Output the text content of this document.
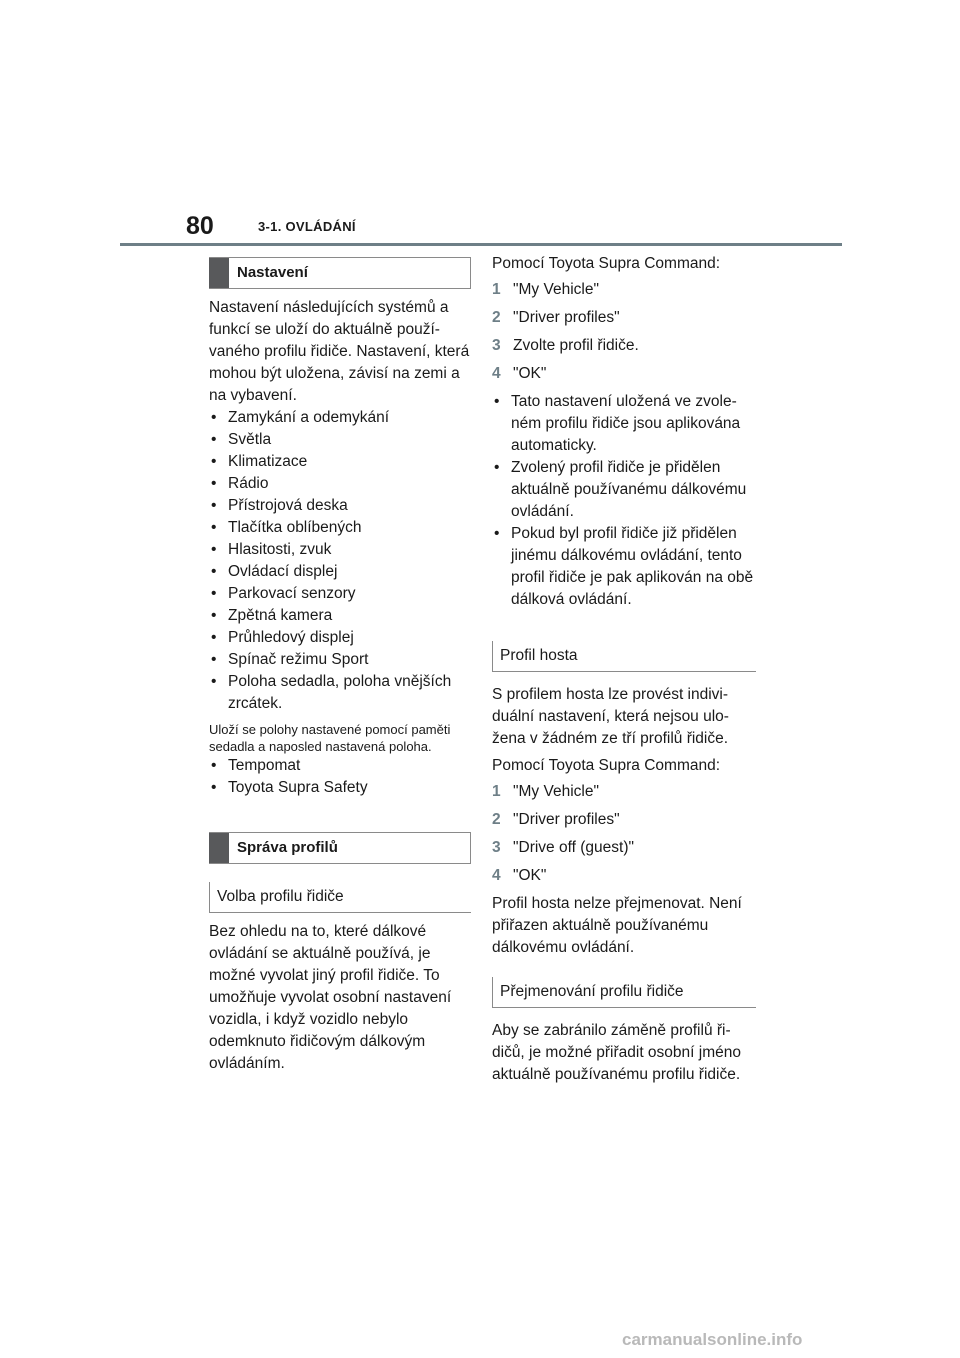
80	3-1. OVLÁDÁNÍ
Nastavení

Nastavení následujících systémů a funkcí se uloží do aktuálně používaného profilu řidiče. Nastavení, která mohou být uložena, závisí na zemi a na vybavení.

• Zamykání a odemykání
• Světla
• Klimatizace
• Rádio
• Přístrojová deska
• Tlačítka oblíbených
• Hlasitosti, zvuk
• Ovládací displej
• Parkovací senzory
• Zpětná kamera
• Průhledový displej
• Spínač režimu Sport
• Poloha sedadla, poloha vnějších zrcátek.

Uloží se polohy nastavené pomocí paměti sedadla a naposled nastavená poloha.

• Tempomat
• Toyota Supra Safety
Správa profilů
Volba profilu řidiče

Bez ohledu na to, které dálkové ovládání se aktuálně používá, je možné vyvolat jiný profil řidiče. To umožňuje vyvolat osobní nastavení vozidla, i když vozidlo nebylo odemknuto řidičovým dálkovým ovládáním.

Pomocí Toyota Supra Command:

1 "My Vehicle"
2 "Driver profiles"
3 Zvolte profil řidiče.
4 "OK"
• Tato nastavení uložená ve zvoleném profilu řidiče jsou aplikována automaticky.
• Zvolený profil řidiče je přidělen aktuálně používanému dálkovému ovládání.
• Pokud byl profil řidiče již přidělen jinému dálkovému ovládání, tento profil řidiče je pak aplikován na obě dálková ovládání.
Profil hosta

S profilem hosta lze provést individuální nastavení, která nejsou uložena v žádném ze tří profilů řidiče.

Pomocí Toyota Supra Command:

1 "My Vehicle"
2 "Driver profiles"
3 "Drive off (guest)"
4 "OK"

Profil hosta nelze přejmenovat. Není přiřazen aktuálně používanému dálkovému ovládání.

Přejmenování profilu řidiče

Aby se zabránilo záměně profilů řidičů, je možné přiřadit osobní jméno aktuálně používanému profilu řidiče.

carmanualsonline.info
